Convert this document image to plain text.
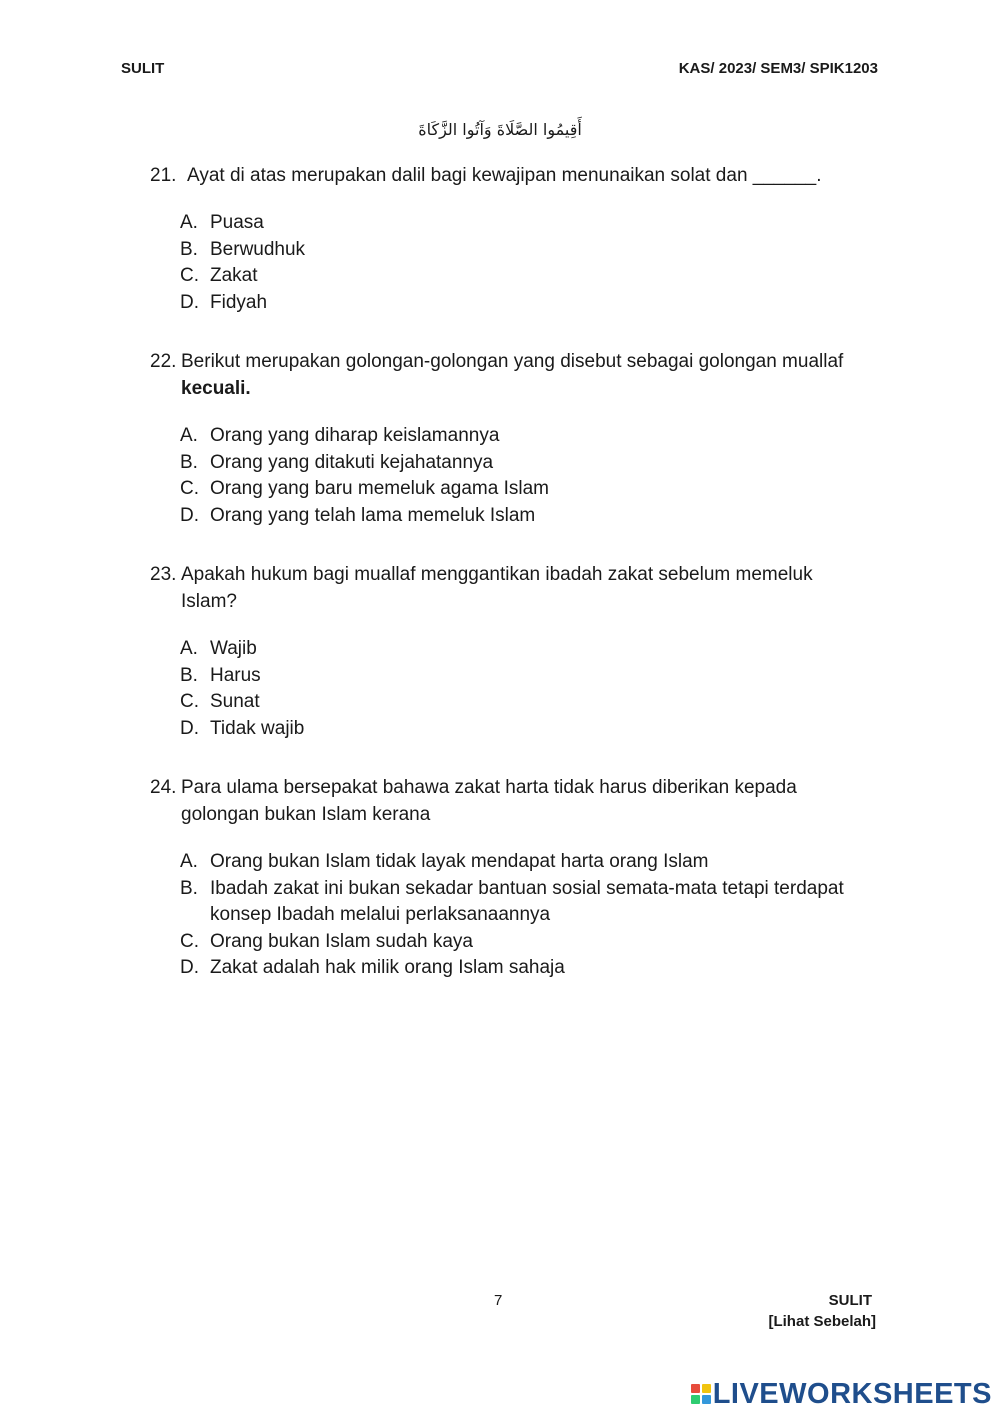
SULIT	KAS/ 2023/ SEM3/ SPIK1203
أَقِيمُوا الصَّلَاةَ وَآتُوا الزَّكَاةَ
21. Ayat di atas merupakan dalil bagi kewajipan menunaikan solat dan ______.
A. Puasa
B. Berwudhuk
C. Zakat
D. Fidyah
22. Berikut merupakan golongan-golongan yang disebut sebagai golongan muallaf kecuali.
A. Orang yang diharap keislamannya
B. Orang yang ditakuti kejahatannya
C. Orang yang baru memeluk agama Islam
D. Orang yang telah lama memeluk Islam
23. Apakah hukum bagi muallaf menggantikan ibadah zakat sebelum memeluk Islam?
A. Wajib
B. Harus
C. Sunat
D. Tidak wajib
24. Para ulama bersepakat bahawa zakat harta tidak harus diberikan kepada golongan bukan Islam kerana
A. Orang bukan Islam tidak layak mendapat harta orang Islam
B. Ibadah zakat ini bukan sekadar bantuan sosial semata-mata tetapi terdapat konsep Ibadah melalui perlaksanaannya
C. Orang bukan Islam sudah kaya
D. Zakat adalah hak milik orang Islam sahaja
7	SULIT
[Lihat Sebelah]
LIVEWORKSHEETS
